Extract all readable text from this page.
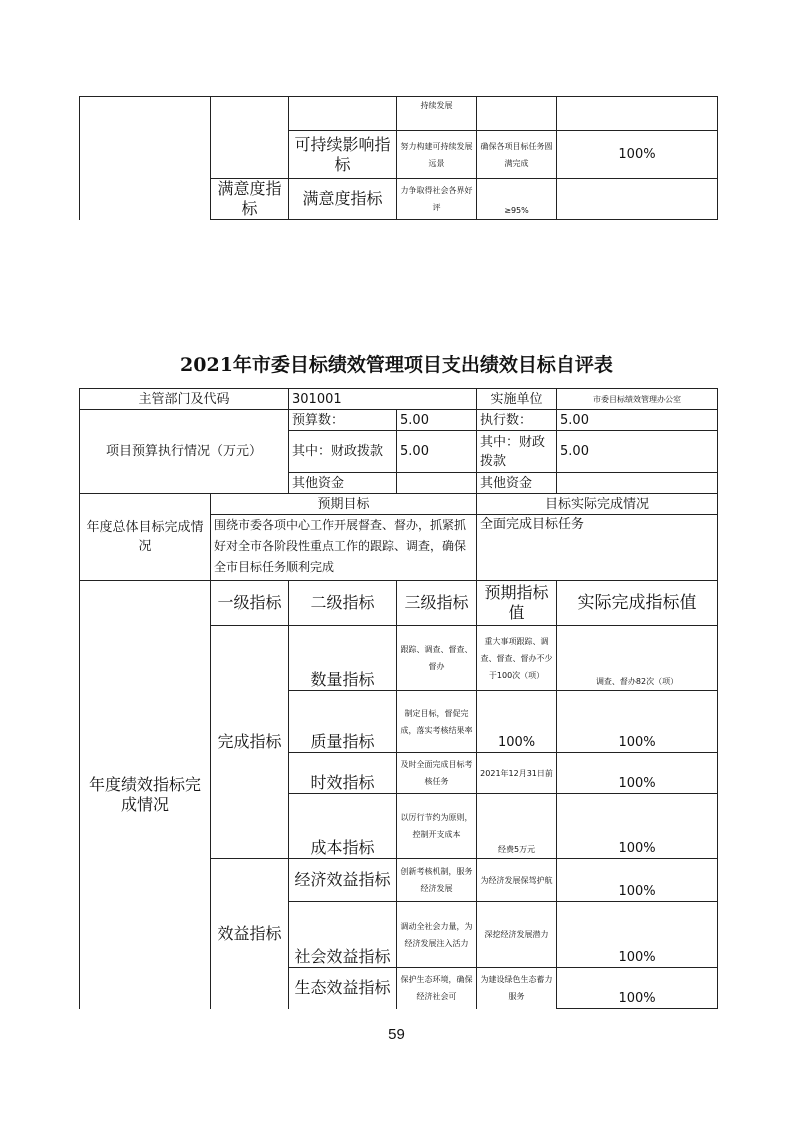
			持续发展		
		可持续影响指标	努力构建可持续发展远景	确保各项目标任务圆满完成	100%
	满意度指标	满意度指标	力争取得社会各界好评	≥95%	
2021年市委目标绩效管理项目支出绩效目标自评表
主管部门及代码		301001		实施单位	市委目标绩效管理办公室
项目预算执行情况（万元）		预算数：	5.00	执行数：	5.00
		其中：财政拨款	5.00	其中：财政拨款	5.00
		其他资金		其他资金	
年度总体目标完成情况	预期目标			目标实际完成情况	
	围绕市委各项中心工作开展督查、督办，抓紧抓好对全市各阶段性重点工作的跟踪、调查，确保全市目标任务顺利完成			全面完成目标任务	
年度绩效指标完成情况	一级指标	二级指标	三级指标	预期指标值	实际完成指标值
	完成指标	数量指标	跟踪、调查、督查、督办	重大事项跟踪、调查、督查、督办不少于100次（项）	调查、督办82次（项）
		质量指标	制定目标，督促完成，落实考核结果率	100%	100%
		时效指标	及时全面完成目标考核任务	2021年12月31日前	100%
		成本指标	以厉行节约为原则，控制开支成本	经费5万元	100%
	效益指标	经济效益指标	创新考核机制，服务经济发展	为经济发展保驾护航	100%
		社会效益指标	调动全社会力量，为经济发展注入活力	深挖经济发展潜力	100%
		生态效益指标	保护生态环境，确保经济社会可	为建设绿色生态蓄力服务	100%
59
